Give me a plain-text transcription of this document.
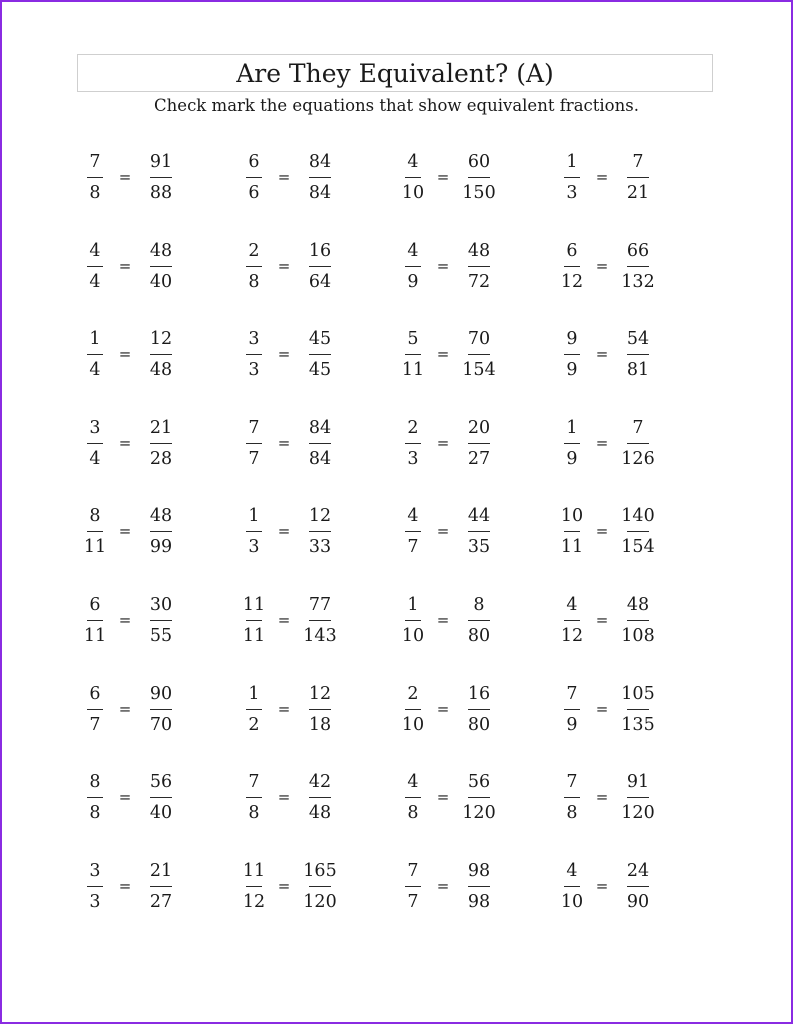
Are They Equivalent? (A)
Check mark the equations that show equivalent fractions.
7
8
=
91
88
6
6
=
84
84
4
10
=
60
150
1
3
=
7
21
4
4
=
48
40
2
8
=
16
64
4
9
=
48
72
6
12
=
66
132
1
4
=
12
48
3
3
=
45
45
5
11
=
70
154
9
9
=
54
81
3
4
=
21
28
7
7
=
84
84
2
3
=
20
27
1
9
=
7
126
8
11
=
48
99
1
3
=
12
33
4
7
=
44
35
10
11
=
140
154
6
11
=
30
55
11
11
=
77
143
1
10
=
8
80
4
12
=
48
108
6
7
=
90
70
1
2
=
12
18
2
10
=
16
80
7
9
=
105
135
8
8
=
56
40
7
8
=
42
48
4
8
=
56
120
7
8
=
91
120
3
3
=
21
27
11
12
=
165
120
7
7
=
98
98
4
10
=
24
90
